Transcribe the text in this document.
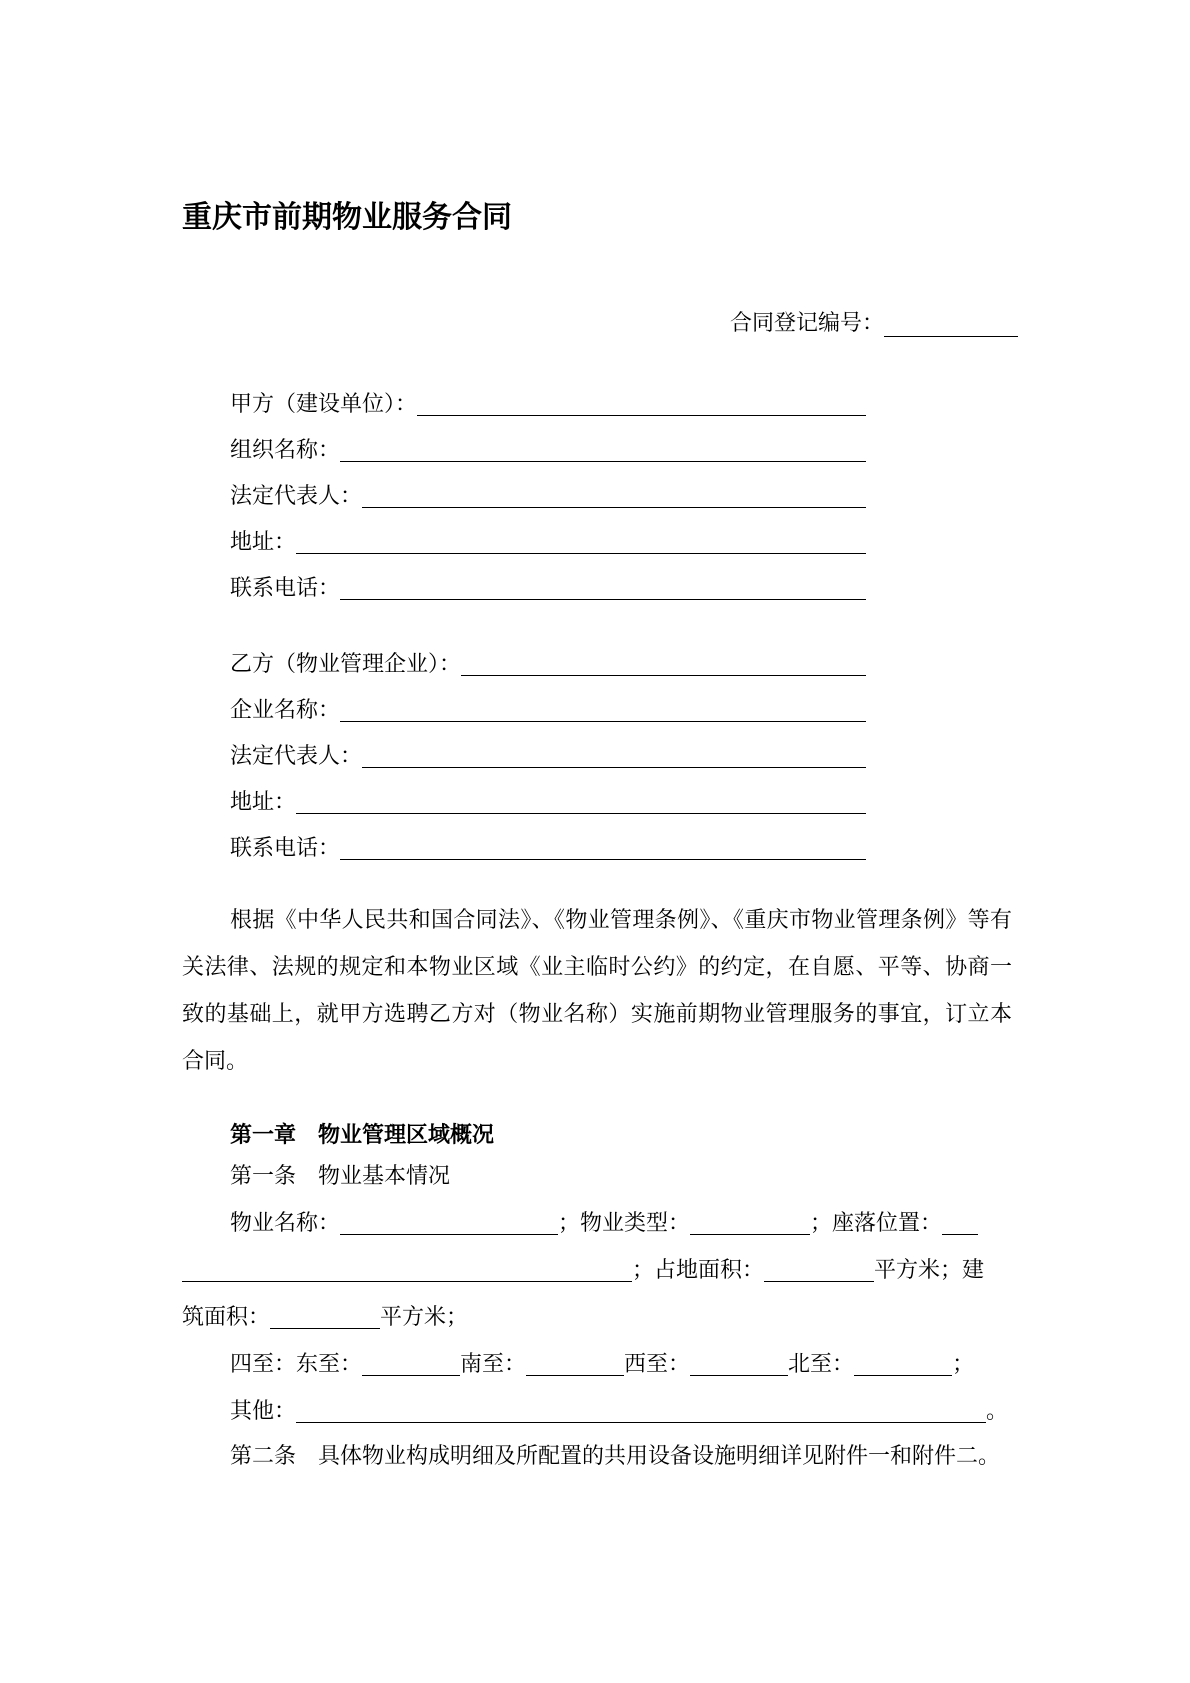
重庆市前期物业服务合同
合同登记编号：
甲方（建设单位）：
组织名称：
法定代表人：
地址：
联系电话：
乙方（物业管理企业）：
企业名称：
法定代表人：
地址：
联系电话：
根据《中华人民共和国合同法》、《物业管理条例》、《重庆市物业管理条例》等有关法律、法规的规定和本物业区域《业主临时公约》的约定，在自愿、平等、协商一致的基础上，就甲方选聘乙方对（物业名称）实施前期物业管理服务的事宜，订立本合同。
第一章　物业管理区域概况
第一条　物业基本情况
物业名称：	；物业类型：	；座落位置：
；占地面积：	平方米；建
筑面积：	平方米；
四至：东至：	南至：	西至：	北至：	；
其他：	。
第二条　具体物业构成明细及所配置的共用设备设施明细详见附件一和附件二。
